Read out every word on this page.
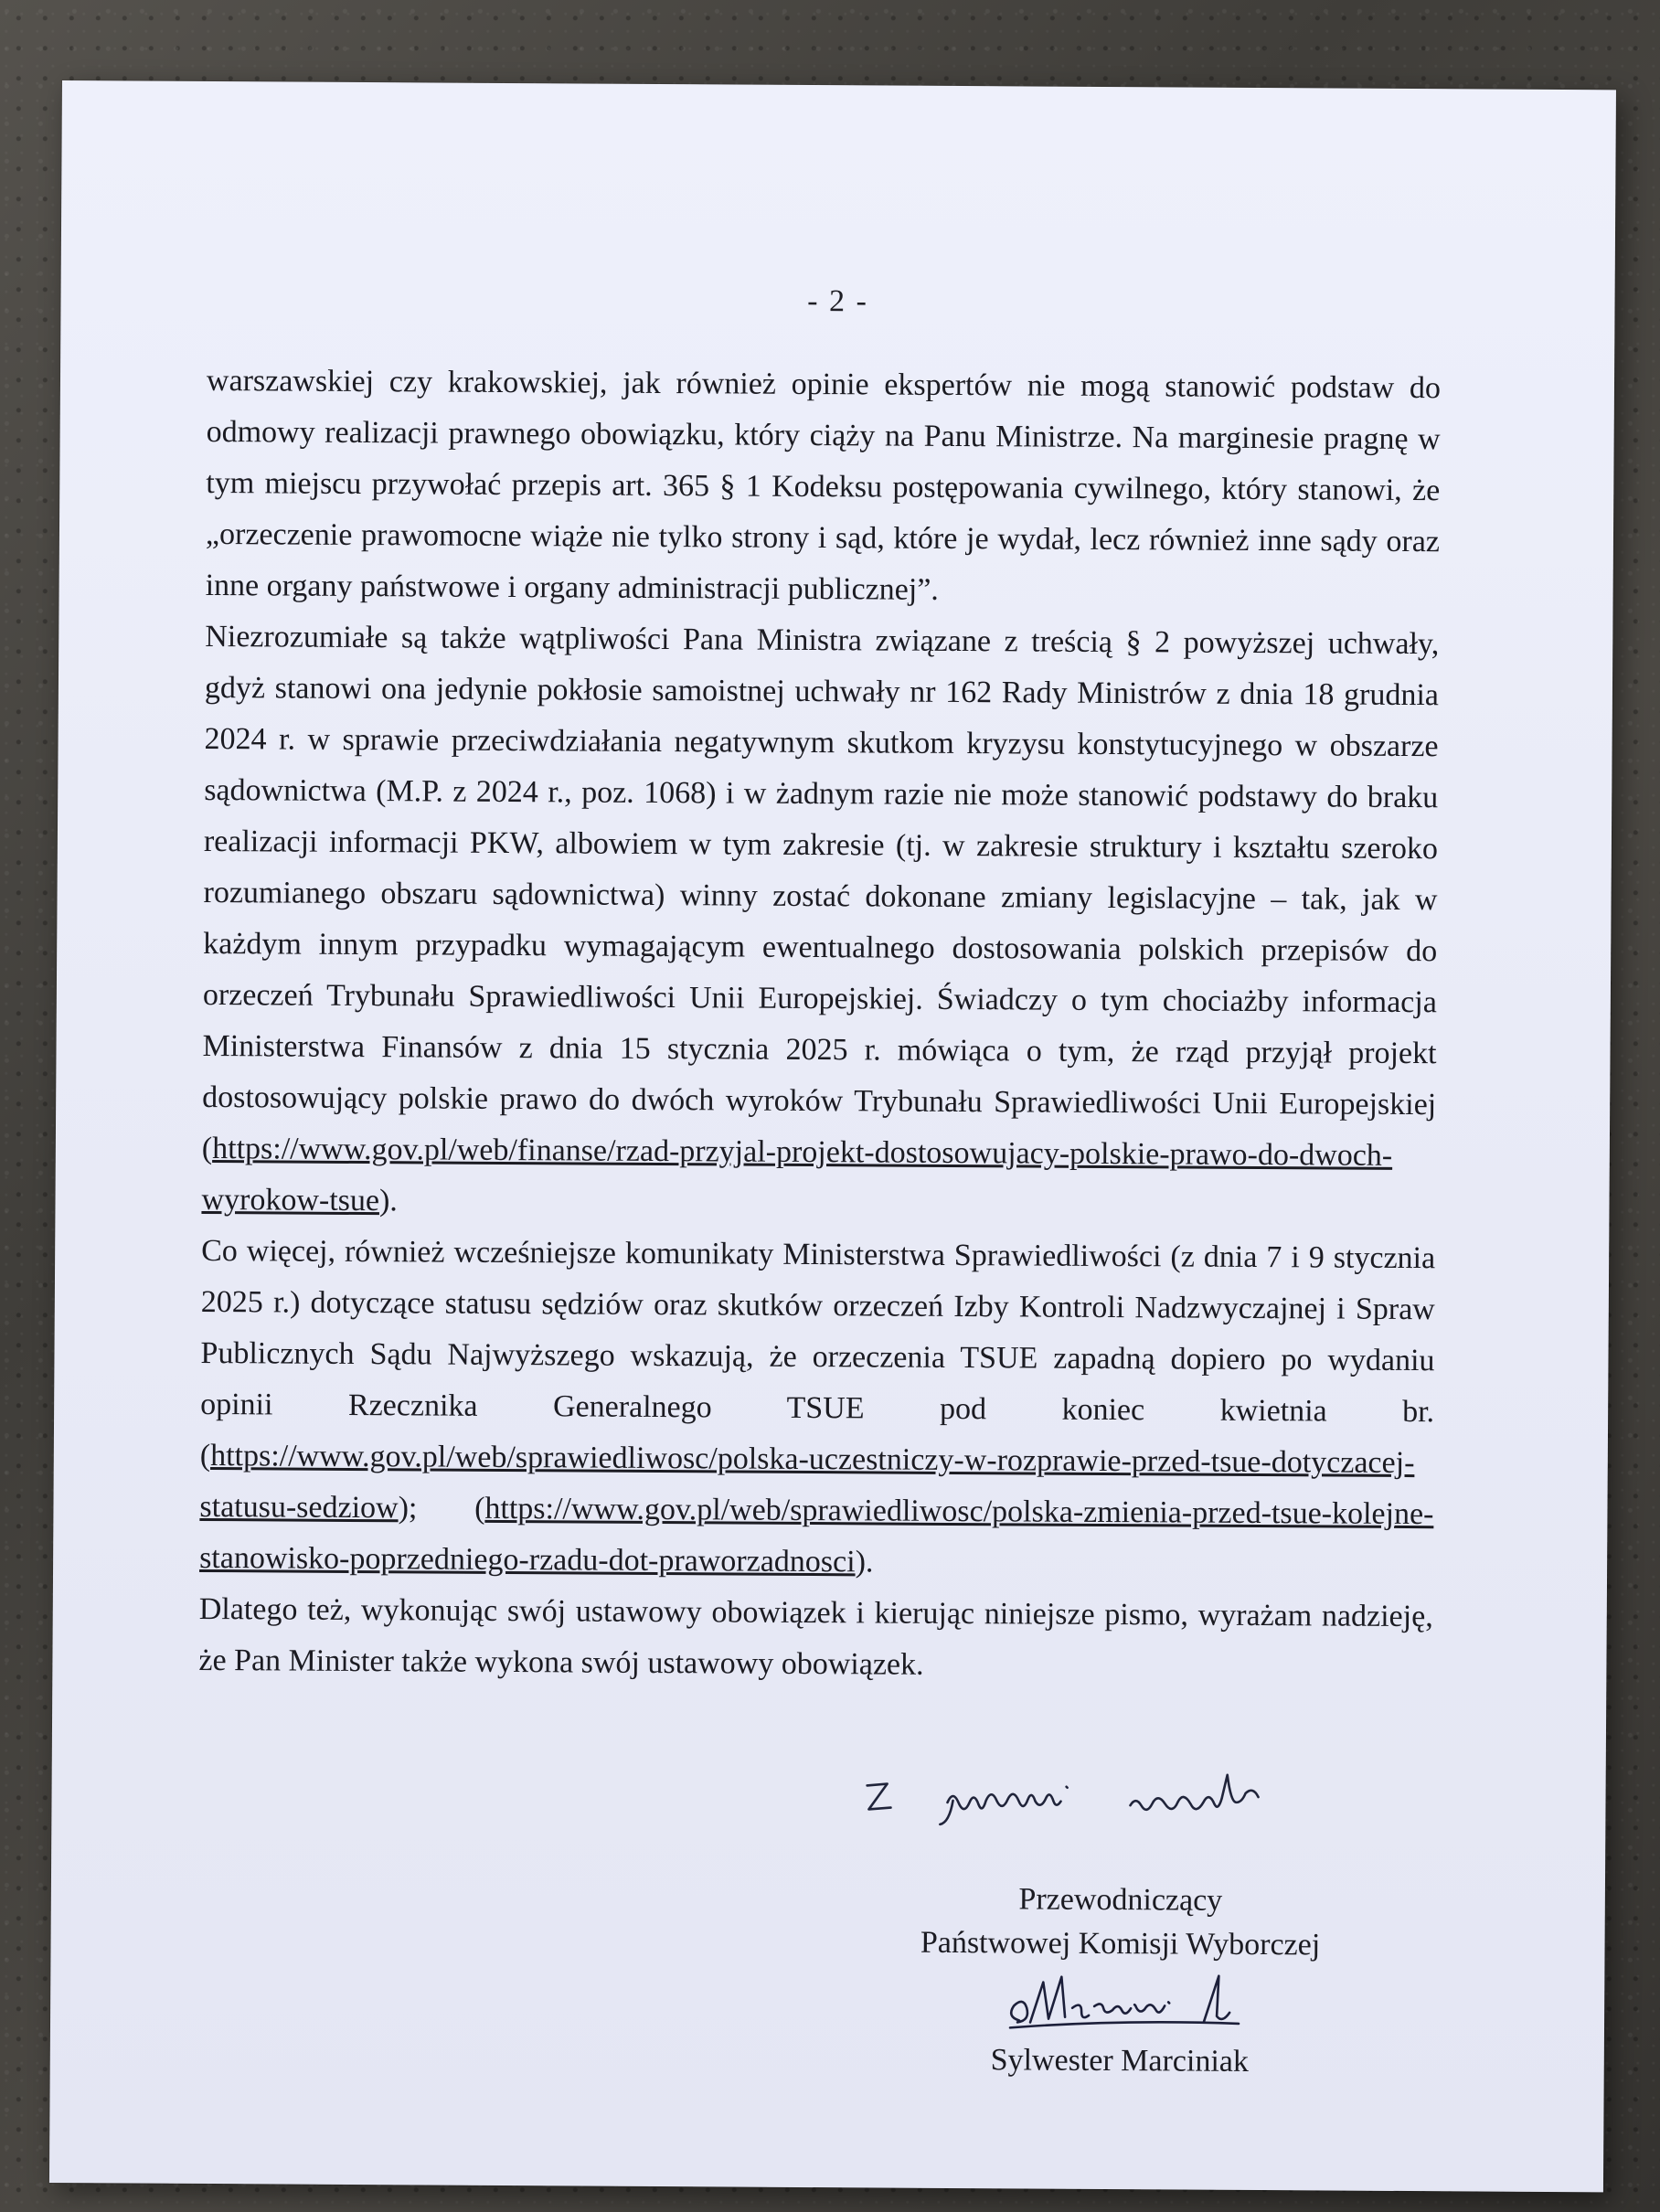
- 2 -

warszawskiej czy krakowskiej, jak również opinie ekspertów nie mogą stanowić podstaw do odmowy realizacji prawnego obowiązku, który ciąży na Panu Ministrze. Na marginesie pragnę w tym miejscu przywołać przepis art. 365 § 1 Kodeksu postępowania cywilnego, który stanowi, że „orzeczenie prawomocne wiąże nie tylko strony i sąd, które je wydał, lecz również inne sądy oraz inne organy państwowe i organy administracji publicznej”.

Niezrozumiałe są także wątpliwości Pana Ministra związane z treścią § 2 powyższej uchwały, gdyż stanowi ona jedynie pokłosie samoistnej uchwały nr 162 Rady Ministrów z dnia 18 grudnia 2024 r. w sprawie przeciwdziałania negatywnym skutkom kryzysu konstytucyjnego w obszarze sądownictwa (M.P. z 2024 r., poz. 1068) i w żadnym razie nie może stanowić podstawy do braku realizacji informacji PKW, albowiem w tym zakresie (tj. w zakresie struktury i kształtu szeroko rozumianego obszaru sądownictwa) winny zostać dokonane zmiany legislacyjne – tak, jak w każdym innym przypadku wymagającym ewentualnego dostosowania polskich przepisów do orzeczeń Trybunału Sprawiedliwości Unii Europejskiej. Świadczy o tym chociażby informacja Ministerstwa Finansów z dnia 15 stycznia 2025 r. mówiąca o tym, że rząd przyjął projekt dostosowujący polskie prawo do dwóch wyroków Trybunału Sprawiedliwości Unii Europejskiej (https://www.gov.pl/web/finanse/rzad-przyjal-projekt-dostosowujacy-polskie-prawo-do-dwoch-wyrokow-tsue).

Co więcej, również wcześniejsze komunikaty Ministerstwa Sprawiedliwości (z dnia 7 i 9 stycznia 2025 r.) dotyczące statusu sędziów oraz skutków orzeczeń Izby Kontroli Nadzwyczajnej i Spraw Publicznych Sądu Najwyższego wskazują, że orzeczenia TSUE zapadną dopiero po wydaniu opinii Rzecznika Generalnego TSUE pod koniec kwietnia br. (https://www.gov.pl/web/sprawiedliwosc/polska-uczestniczy-w-rozprawie-przed-tsue-dotyczacej-statusu-sedziow); (https://www.gov.pl/web/sprawiedliwosc/polska-zmienia-przed-tsue-kolejne-stanowisko-poprzedniego-rzadu-dot-praworzadnosci).

Dlatego też, wykonując swój ustawowy obowiązek i kierując niniejsze pismo, wyrażam nadzieję, że Pan Minister także wykona swój ustawowy obowiązek.

Przewodniczący
Państwowej Komisji Wyborczej
Sylwester Marciniak
